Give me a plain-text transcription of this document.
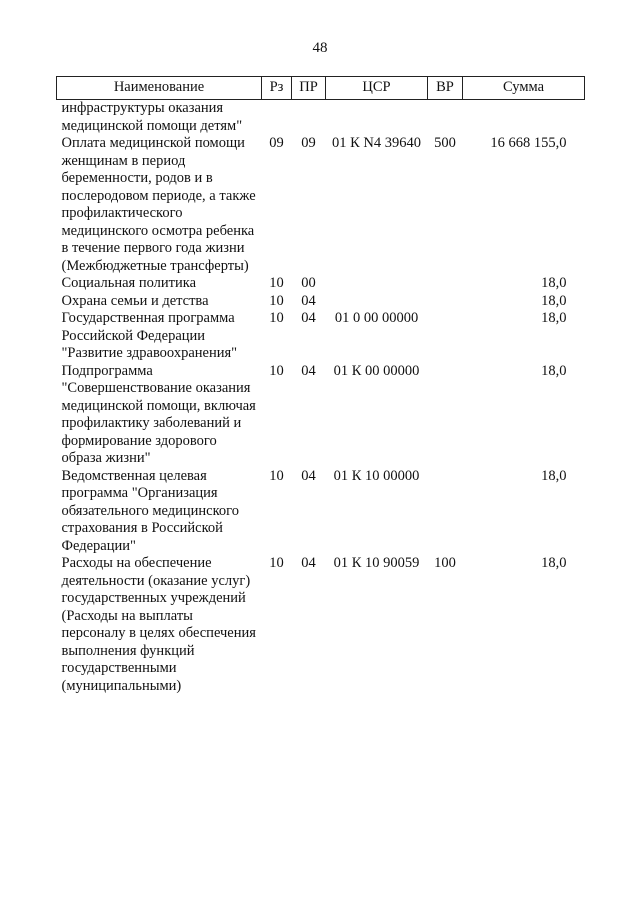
48
Наименование	Рз	ПР	ЦСР	ВР	Сумма
инфраструктуры оказания медицинской помощи детям"					
Оплата медицинской помощи женщинам в период беременности, родов и в послеродовом периоде, а также профилактического медицинского осмотра ребенка в течение первого года жизни (Межбюджетные трансферты)	09	09	01 К N4 39640	500	16 668 155,0
Социальная политика	10	00			18,0
Охрана семьи и детства	10	04			18,0
Государственная программа Российской Федерации "Развитие здравоохранения"	10	04	01 0 00 00000		18,0
Подпрограмма "Совершенствование оказания медицинской помощи, включая профилактику заболеваний и формирование здорового образа жизни"	10	04	01 К 00 00000		18,0
Ведомственная целевая программа "Организация обязательного медицинского страхования в Российской Федерации"	10	04	01 К 10 00000		18,0
Расходы на обеспечение деятельности (оказание услуг) государственных учреждений (Расходы на выплаты персоналу в целях обеспечения выполнения функций государственными (муниципальными)	10	04	01 К 10 90059	100	18,0
